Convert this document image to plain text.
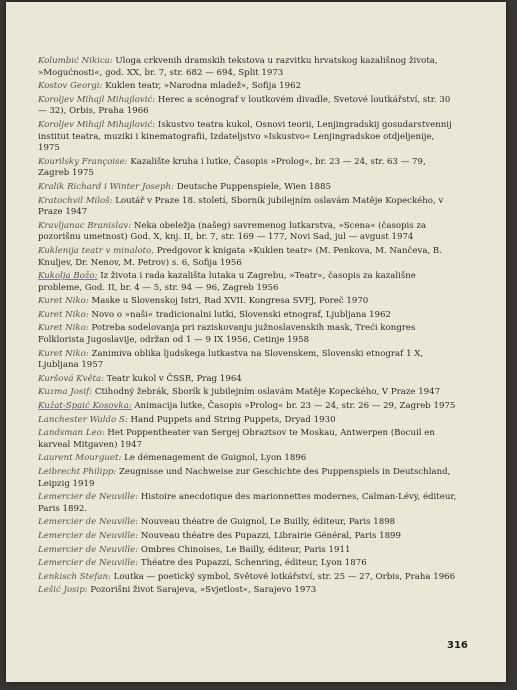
Kolumbić Nikica: Uloga crkvenih dramskih tekstova u razvitku hrvatskog kazališnog života, »Mogućnosti«, god. XX, br. 7, str. 682 — 694, Split 1973
Kostov Georgi: Kuklen teatr, »Narodna mladež«, Sofija 1962
Koroljev Mihajl Mihajlović: Herec a scénograf v loutkovém divadle, Svetové loutkářství, str. 30 — 32), Orbis, Praha 1966
Koroljev Mihajl Mihajlović: Iskustvo teatra kukol, Osnovi teorii, Lenjingradskij gosudarstvennij institut teatra, muziki i kinematografii, Izdateljstvo »Iskustvo« Lenjingradskoe otdjeljenije, 1975
Kourilsky Françoise: Kazalište kruha i lutke, Časopis »Prolog«, br. 23 — 24, str. 63 — 79, Zagreb 1975
Kralik Richard i Winter Joseph: Deutsche Puppenspiele, Wien 1885
Kratochvil Miloš: Loutář v Praze 18. století, Sborník jubilejním oslavám Matěje Kopeckého, v Praze 1947
Kravljanac Branislav: Neka obeležja (našeg) savremenog lutkarstva, »Scena« (časopis za pozorišnu umetnost) God. X, knj. II, br. 7, str. 169 — 177, Novi Sad, jul — avgust 1974
Kuklenija teatr v minaloto, Predgovor k knigata »Kuklen teatr« (M. Penkova, M. Nančeva, B. Knuljev, Dr. Nenov, M. Petrov) s. 6, Sofija 1956
Kukolja Božo: Iz života i rada kazališta lutaka u Zagrebu, »Teatr«, časopis za kazališne probleme, God. II, br. 4 — 5, str. 94 — 96, Zagreb 1956
Kuret Niko: Maske u Slovenskoj Istri, Rad XVII. Kongresa SVFJ, Poreč 1970
Kuret Niko: Novo o »naši« tradicionalni lutki, Slovenski etnograf, Ljubljana 1962
Kuret Niko: Potreba sodelovanja pri raziskovanju južnoslavenskih mask, Treći kongres Folklorista Jugoslavije, održan od 1 — 9 IX 1956, Cetinje 1958
Kuret Niko: Zanimiva oblika ljudskega lutkastva na Slovenskem, Slovenski etnograf 1 X, Ljubljana 1957
Kuršová Květa: Teatr kukol v ČSSR, Prag 1964
Kuzma Josif: Ctihodný žebrák, Sborík k jubilejním oslavám Matěje Kopeckého, V Praze 1947
Kužat-Spaić Kosovka: Animacija lutke, Časopis »Prolog« br. 23 — 24, str. 26 — 29, Zagreb 1975
Lanchester Waldo S: Hand Puppets and String Puppets, Dryad 1930
Landsman Leo: Het Poppentheater van Sergej Obraztsov te Moskau, Antwerpen (Bocuil en karveal Mitgaven) 1947
Laurent Mourguet: Le démenagement de Guignol, Lyon 1896
Leibrecht Philipp: Zeugnisse und Nachweise zur Geschichte des Puppenspiels in Deutschland, Leipzig 1919
Lemercier de Neuville: Histoire anecdotique des marionnettes modernes, Calman-Lévy, éditeur, Paris 1892.
Lemercier de Neuville: Nouveau théatre de Guignol, Le Builly, éditeur, Paris 1898
Lemercier de Neuville: Nouveau théatre des Pupazzi, Librairie Général, Paris 1899
Lemercier de Neuville: Ombres Chinoises, Le Bailly, éditeur, Paris 1911
Lemercier de Neuville: Théatre des Pupazzi, Schenring, éditeur, Lyon 1876
Lenkisch Stefan: Loutka — poetický symbol, Světové lotkářství, str. 25 — 27, Orbis, Praha 1966
Lešić Josip: Pozorišni život Sarajeva, »Svjetlost«, Sarajevo 1973
316
